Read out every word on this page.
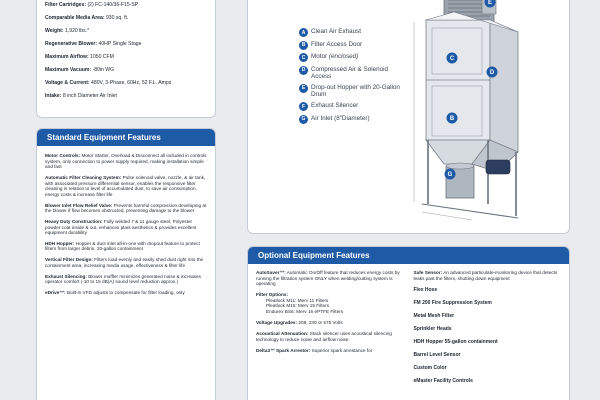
Filter Cartridges: (2) FC-140/36-F15-SP
Comparable Media Area: 930 sq. ft.
Weight: 1,920 lbs.*
Regenerative Blower: 40HP Single Stage
Maximum Airflow: 1050 CFM
Maximum Vacuum: -80in WG
Voltage & Current: 480V, 3-Phase, 60Hz, 52 F.L. Amps
Intake: 8 inch Diameter Air Inlet
Standard Equipment Features
Motor Controls: Motor Starter, Overload & Disconnect all included in controls system, only connection to power supply required, making installation simple and fast
Automatic Filter Cleaning System: Pulse solenoid valve, nozzle, & air tank, with associated pressure differential sensor, enables the responsive filter cleaning in relation to level of accumulated dust, to save air consumption, energy costs & increase filter life
Blower Inlet Flow Relief Valve: Prevents harmful compression developing at the blower if flow becomes obstructed, preventing damage to the blower
Heavy Duty Construction: Fully welded 7 & 11 gauge steel, Polyester powder coat inside & out, enhances plant aesthetics & provides excellent equipment durability
HDH Hopper: Hopper & duct inlet all-in-one with dropout feature to protect filters from larger debris. 20-gallon containment
Vertical Filter Design: Filters load evenly and easily shed dust right into the containment area, increasing media usage, effectiveness & filter life
Exhaust Silencing: Blower muffler minimizes generated noise & increases operator comfort (-10 to 15 dB(A) sound level reduction approx.)
eDrive™: Built-in VFD adjusts to compensate for filter loading, only
A Clean Air Exhaust
B Filter Access Door
C Motor (enclosed)
D Compressed Air & Solenoid Access
E Drop-out Hopper with 20-Gallon Drum
F Exhaust Silencer
G Air Inlet (8"Diameter)
E
C
D
B
G
Optional Equipment Features
AutoSaver™: Automatic On/Off feature that reduces energy costs by running the filtration system ONLY when welding/cutting system is operating
Filter Options:
Pleatlock M11: Merv 11 Filters
Pleatlock M15: Merv 15 Filters
Endurex BS6: Merv 16 ePTFE Filters
Voltage Upgrades: 208, 230 or 575 Volts
Acoustical Attenuation: Stack silencer uses acoustical silencing technology to reduce noise and airflow noise
Delta3™ Spark Arrestor: Superior spark arrestance for
Safe Sensor: An advanced particulate-monitoring device that detects leaks past the filters, shutting down equipment
Flex Hose
FM 200 Fire Suppression System
Metal Mesh Filter
Sprinkler Heads
HDH Hopper 55-gallon containment
Barrel Level Sensor
Custom Color
eMaster Facility Controls
